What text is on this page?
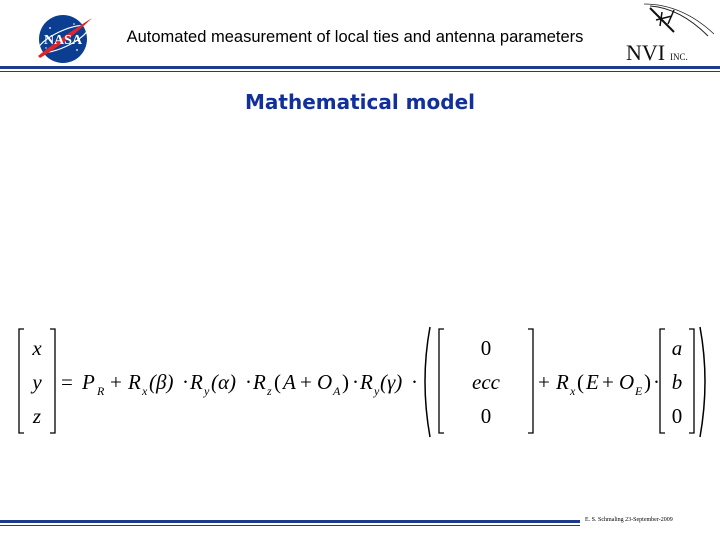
NASA	Automated measurement of local ties and antenna parameters
NVI INC.
Mathematical model
x
y
z
= P R + R x (β) · R y (α) · R z ( A + O A ) · R y (γ) ·
0
ecc
0
+ R x ( E + O E ) ·
a
b
0
E. S. Schmaling 23-September-2009
